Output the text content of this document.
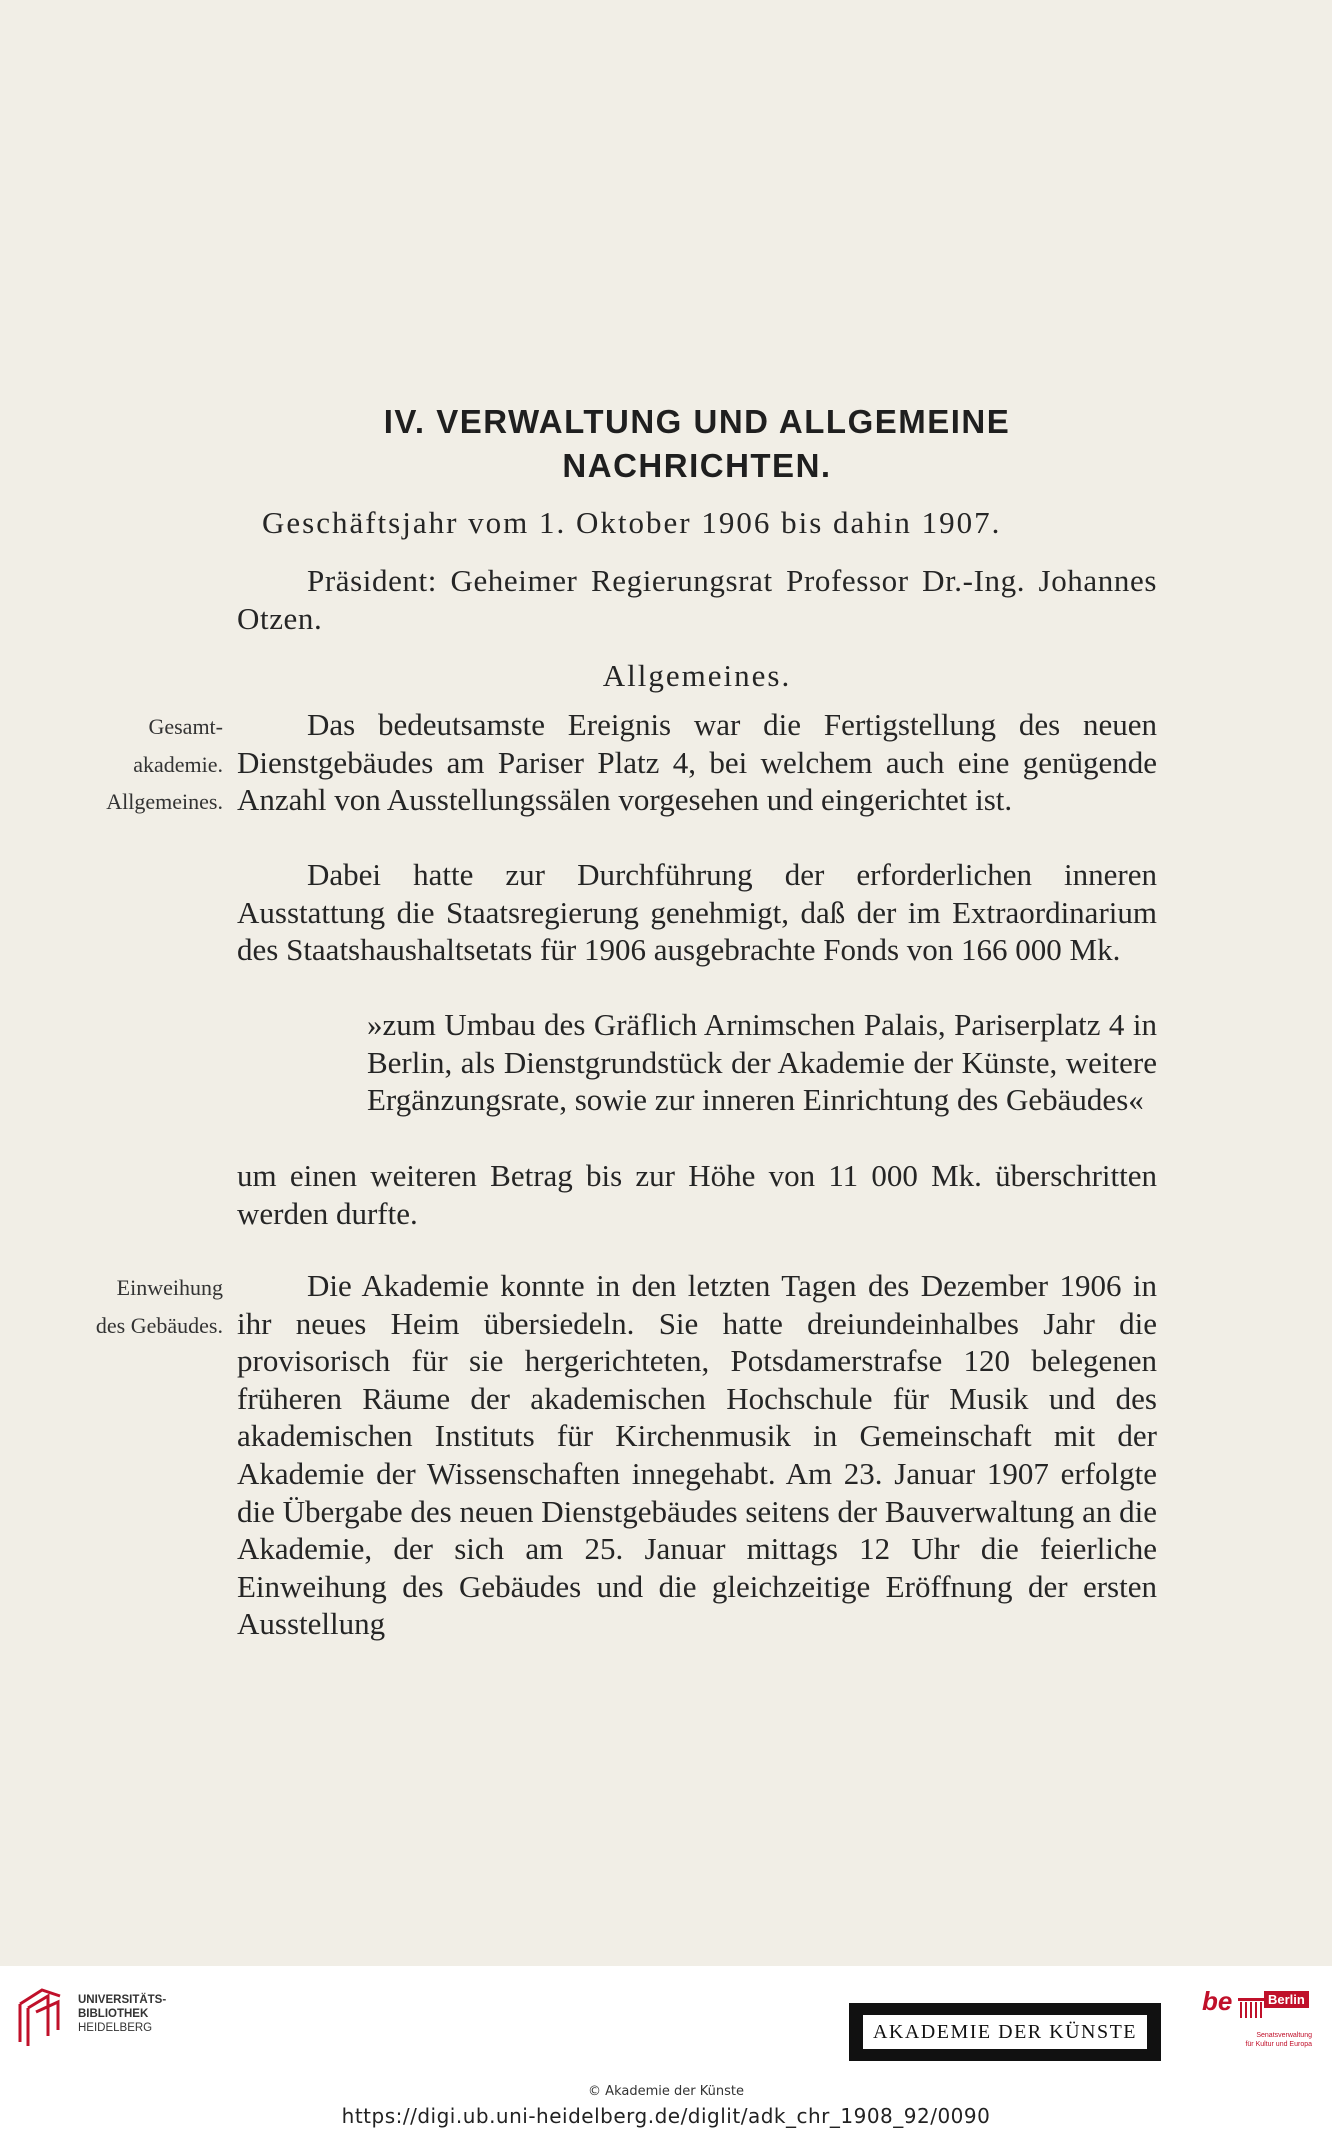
IV. VERWALTUNG UND ALLGEMEINE
NACHRICHTEN.
Geschäftsjahr vom 1. Oktober 1906 bis dahin 1907.
Präsident: Geheimer Regierungsrat Professor Dr.-Ing. Johannes Otzen.
Allgemeines.
Gesamt-
akademie.
Allgemeines.
Das bedeutsamste Ereignis war die Fertigstellung des neuen Dienstgebäudes am Pariser Platz 4, bei welchem auch eine genügende Anzahl von Ausstellungssälen vorgesehen und eingerichtet ist.
Dabei hatte zur Durchführung der erforderlichen inneren Ausstattung die Staatsregierung genehmigt, daß der im Extraordinarium des Staatshaushaltsetats für 1906 ausgebrachte Fonds von 166 000 Mk.
»zum Umbau des Gräflich Arnimschen Palais, Pariserplatz 4 in Berlin, als Dienstgrundstück der Akademie der Künste, weitere Ergänzungsrate, sowie zur inneren Einrichtung des Gebäudes«
um einen weiteren Betrag bis zur Höhe von 11 000 Mk. überschritten werden durfte.
Einweihung
des Gebäudes.
Die Akademie konnte in den letzten Tagen des Dezember 1906 in ihr neues Heim übersiedeln. Sie hatte dreiundeinhalbes Jahr die provisorisch für sie hergerichteten, Potsdamerstrafse 120 belegenen früheren Räume der akademischen Hochschule für Musik und des akademischen Instituts für Kirchenmusik in Gemeinschaft mit der Akademie der Wissenschaften innegehabt. Am 23. Januar 1907 erfolgte die Übergabe des neuen Dienstgebäudes seitens der Bauverwaltung an die Akademie, der sich am 25. Januar mittags 12 Uhr die feierliche Einweihung des Gebäudes und die gleichzeitige Eröffnung der ersten Ausstellung
UNIVERSITÄTS-
BIBLIOTHEK
HEIDELBERG	AKADEMIE DER KÜNSTE
be	Berlin
Senatsverwaltung
für Kultur und Europa
© Akademie der Künste
https://digi.ub.uni-heidelberg.de/diglit/adk_chr_1908_92/0090
